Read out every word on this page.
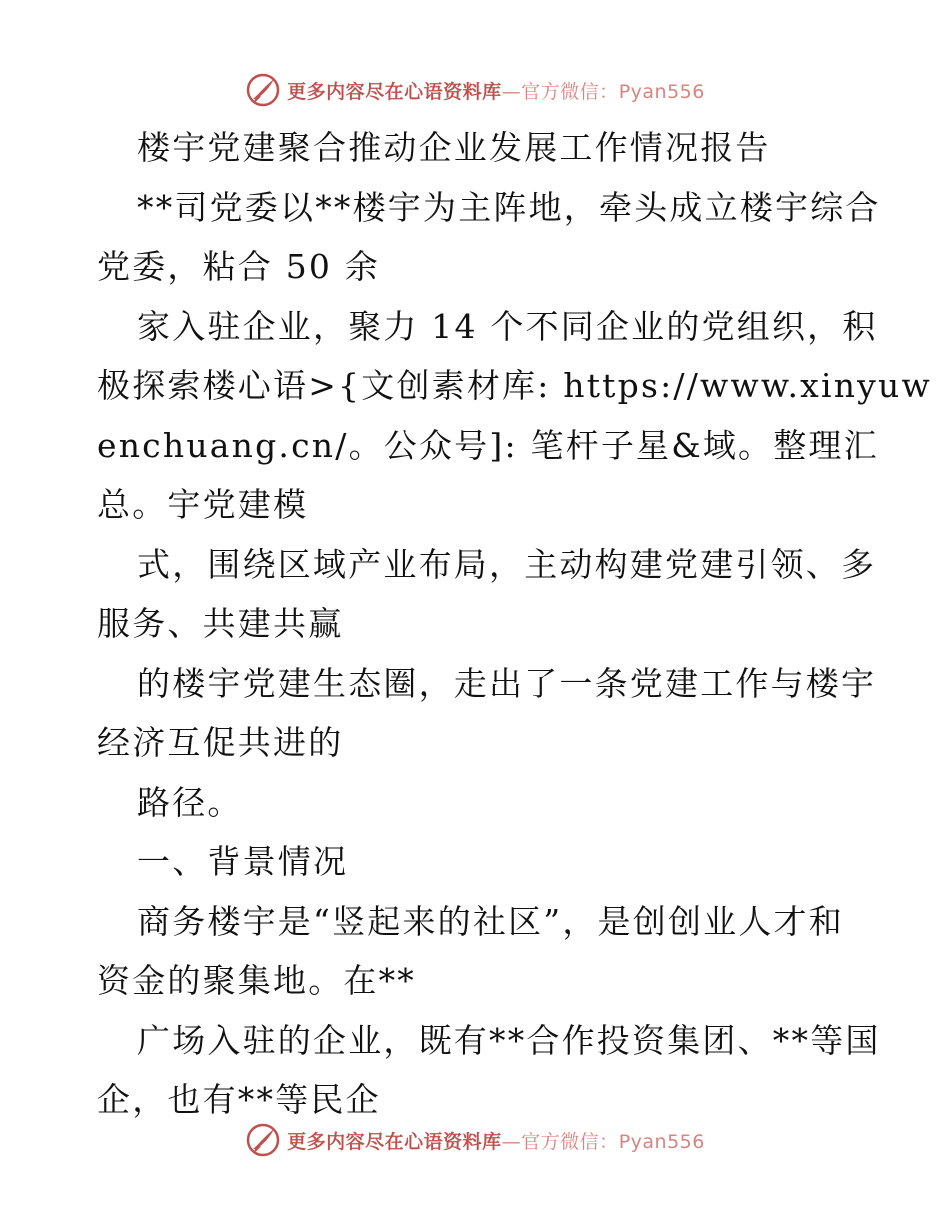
更多内容尽在心语资料库—官方微信：Pyan556
楼宇党建聚合推动企业发展工作情况报告
**司党委以**楼宇为主阵地，牵头成立楼宇综合
党委，粘合 50 余
家入驻企业，聚力 14 个不同企业的党组织，积
极探索楼心语>{文创素材库: https://www.xinyuw
enchuang.cn/。公众号]: 笔杆子星&域。整理汇
总。宇党建模
式，围绕区域产业布局，主动构建党建引领、多
服务、共建共赢
的楼宇党建生态圈，走出了一条党建工作与楼宇
经济互促共进的
路径。
一、背景情况
商务楼宇是“竖起来的社区”，是创创业人才和
资金的聚集地。在**
广场入驻的企业，既有**合作投资集团、**等国
企，也有**等民企
更多内容尽在心语资料库—官方微信：Pyan556
